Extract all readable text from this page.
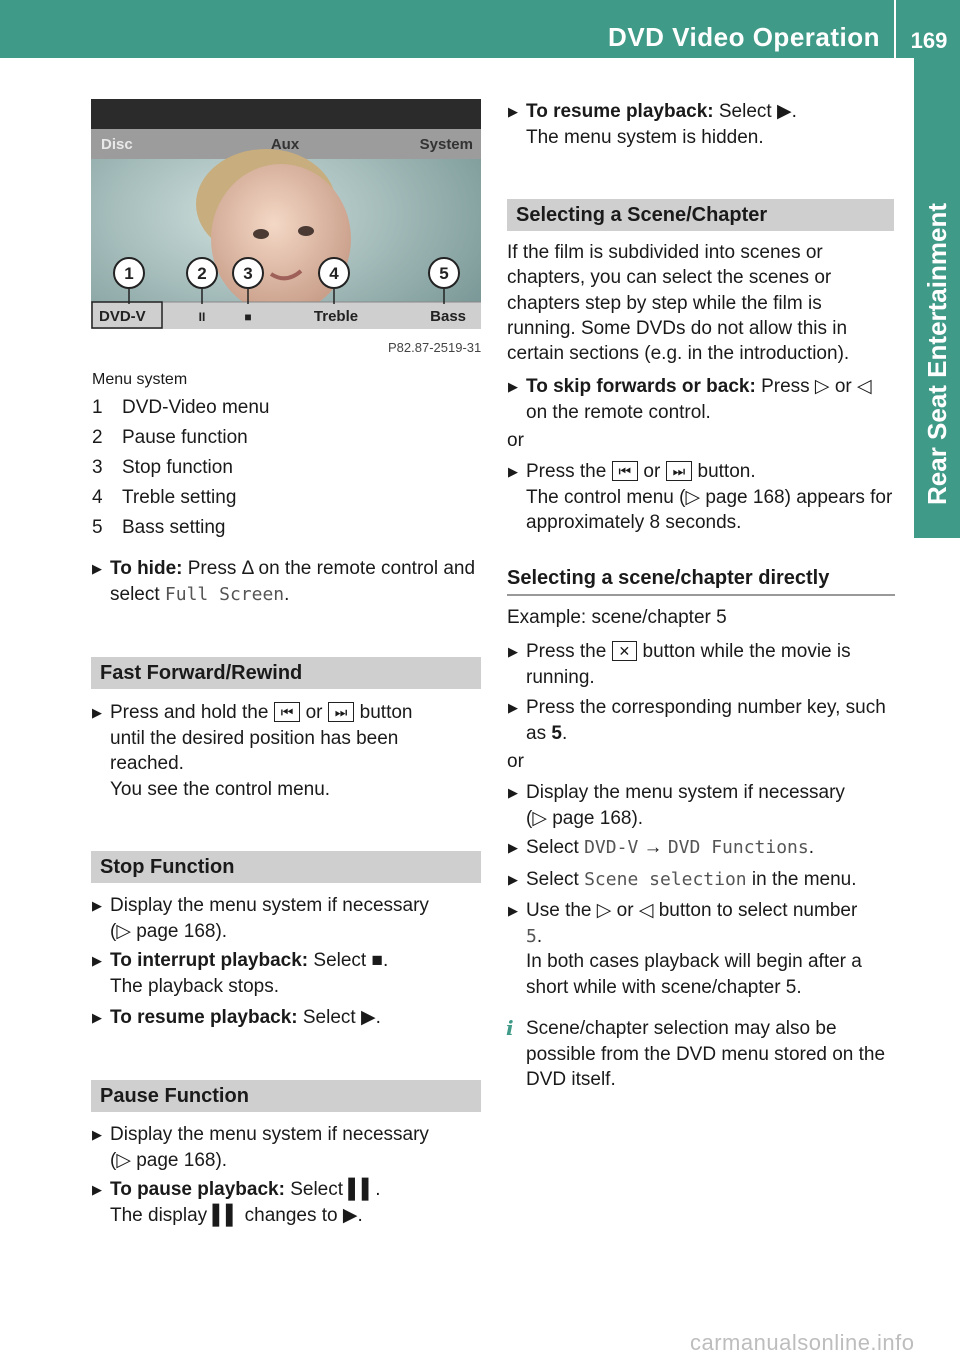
DVD Video Operation 169
Rear Seat Entertainment
1	2 3	4	5
Disc	Aux	System
DVD-V	II	■	Treble	Bass
P82.87-2519-31
Menu system
1 DVD-Video menu
2 Pause function
3 Stop function
4 Treble setting
5 Bass setting
▶ To hide: Press Δ on the remote control and
select Full Screen.
Fast Forward/Rewind
▶ Press and hold the ⏮ or ⏭ button
until the desired position has been
reached.
You see the control menu.
Stop Function
▶ Display the menu system if necessary
(▷ page 168).
▶ To interrupt playback: Select ■.
The playback stops.
▶ To resume playback: Select ▶.
Pause Function
▶ Display the menu system if necessary
(▷ page 168).
▶ To pause playback: Select ▌▌.
The display ▌▌ changes to ▶.
▶ To resume playback: Select ▶.
The menu system is hidden.
Selecting a Scene/Chapter
If the film is subdivided into scenes or
chapters, you can select the scenes or
chapters step by step while the film is
running. Some DVDs do not allow this in
certain sections (e.g. in the introduction).
▶ To skip forwards or back: Press ▷ or ◁
on the remote control.
or
▶ Press the ⏮ or ⏭ button.
The control menu (▷ page 168) appears for
approximately 8 seconds.
Selecting a scene/chapter directly
Example: scene/chapter 5
▶ Press the ✕ button while the movie is
running.
▶ Press the corresponding number key, such
as 5.
or
▶ Display the menu system if necessary
(▷ page 168).
▶ Select DVD-V → DVD Functions.
▶ Select Scene selection in the menu.
▶ Use the ▷ or ◁ button to select number
5.
In both cases playback will begin after a
short while with scene/chapter 5.
i Scene/chapter selection may also be
possible from the DVD menu stored on the
DVD itself.
carmanualsonline.info
